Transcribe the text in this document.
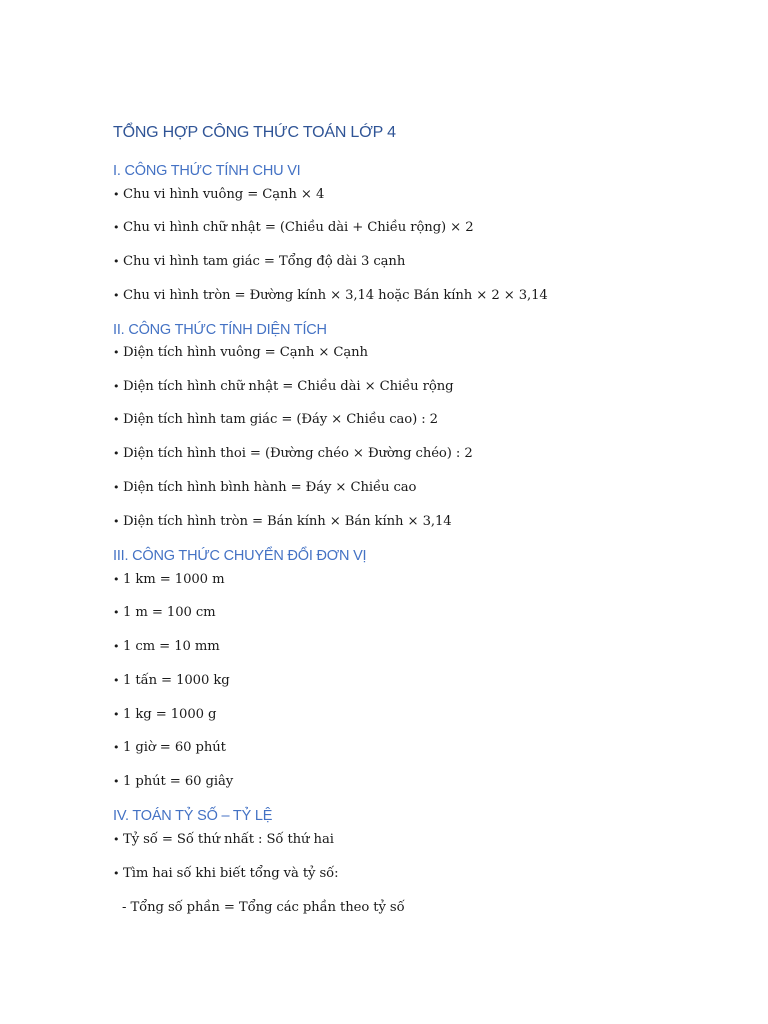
TỔNG HỢP CÔNG THỨC TOÁN LỚP 4
I. CÔNG THỨC TÍNH CHU VI
• Chu vi hình vuông = Cạnh × 4
• Chu vi hình chữ nhật = (Chiều dài + Chiều rộng) × 2
• Chu vi hình tam giác = Tổng độ dài 3 cạnh
• Chu vi hình tròn = Đường kính × 3,14 hoặc Bán kính × 2 × 3,14
II. CÔNG THỨC TÍNH DIỆN TÍCH
• Diện tích hình vuông = Cạnh × Cạnh
• Diện tích hình chữ nhật = Chiều dài × Chiều rộng
• Diện tích hình tam giác = (Đáy × Chiều cao) : 2
• Diện tích hình thoi = (Đường chéo × Đường chéo) : 2
• Diện tích hình bình hành = Đáy × Chiều cao
• Diện tích hình tròn = Bán kính × Bán kính × 3,14
III. CÔNG THỨC CHUYỂN ĐỔI ĐƠN VỊ
• 1 km = 1000 m
• 1 m = 100 cm
• 1 cm = 10 mm
• 1 tấn = 1000 kg
• 1 kg = 1000 g
• 1 giờ = 60 phút
• 1 phút = 60 giây
IV. TOÁN TỶ SỐ – TỶ LỆ
• Tỷ số = Số thứ nhất : Số thứ hai
• Tìm hai số khi biết tổng và tỷ số:
- Tổng số phần = Tổng các phần theo tỷ số
